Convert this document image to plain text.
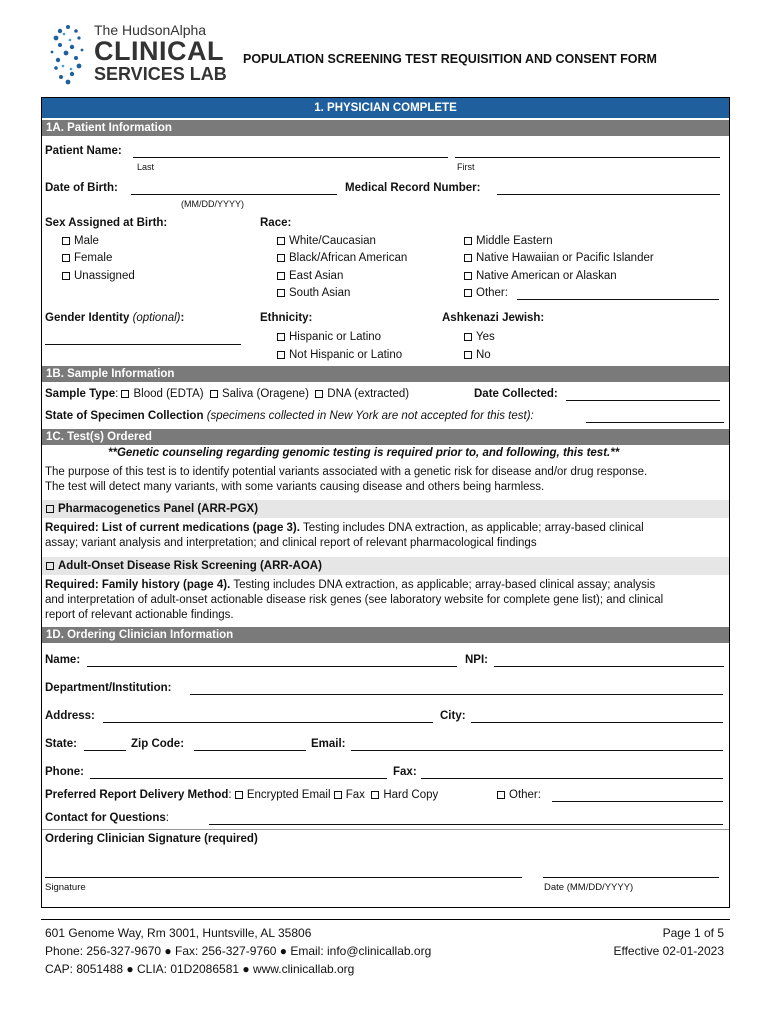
The HudsonAlpha
CLINICAL
SERVICES LAB
POPULATION SCREENING TEST REQUISITION AND CONSENT FORM
1. PHYSICIAN COMPLETE
1A. Patient Information
Patient Name:
Last	First
Date of Birth:	Medical Record Number:
(MM/DD/YYYY)
Sex Assigned at Birth:
Male
Female
Unassigned
Race:
White/Caucasian
Black/African American
East Asian
South Asian
Middle Eastern
Native Hawaiian or Pacific Islander
Native American or Alaskan
Other:
Gender Identity (optional):	Ethnicity:
Hispanic or Latino
Not Hispanic or Latino
Ashkenazi Jewish:
Yes
No
1B. Sample Information
Sample Type: Blood (EDTA) Saliva (Oragene) DNA (extracted)	Date Collected:
State of Specimen Collection (specimens collected in New York are not accepted for this test):
1C. Test(s) Ordered
**Genetic counseling regarding genomic testing is required prior to, and following, this test.**
The purpose of this test is to identify potential variants associated with a genetic risk for disease and/or drug response.
The test will detect many variants, with some variants causing disease and others being harmless.
Pharmacogenetics Panel (ARR-PGX)
Required: List of current medications (page 3). Testing includes DNA extraction, as applicable; array-based clinical
assay; variant analysis and interpretation; and clinical report of relevant pharmacological findings
Adult-Onset Disease Risk Screening (ARR-AOA)
Required: Family history (page 4). Testing includes DNA extraction, as applicable; array-based clinical assay; analysis
and interpretation of adult-onset actionable disease risk genes (see laboratory website for complete gene list); and clinical
report of relevant actionable findings.
1D. Ordering Clinician Information
Name:	NPI:
Department/Institution:
Address:	City:
State:	Zip Code:	Email:
Phone:	Fax:
Preferred Report Delivery Method: Encrypted Email Fax Hard Copy	Other:
Contact for Questions:
Ordering Clinician Signature (required)
Signature	Date (MM/DD/YYYY)
601 Genome Way, Rm 3001, Huntsville, AL 35806
Phone: 256-327-9670 ● Fax: 256-327-9760 ● Email: info@clinicallab.org
CAP: 8051488 ● CLIA: 01D2086581 ● www.clinicallab.org
Page 1 of 5
Effective 02-01-2023
